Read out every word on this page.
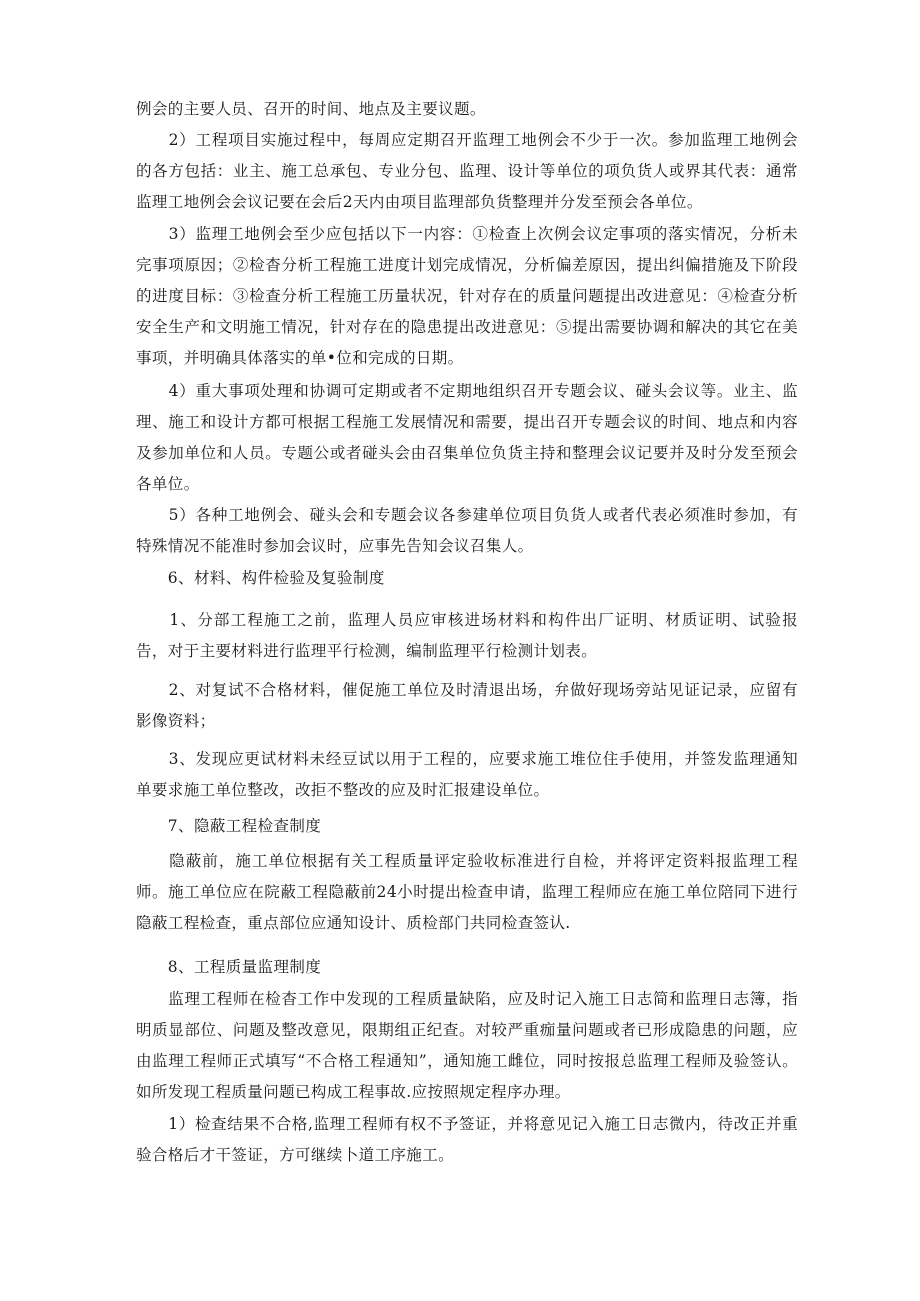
例会的主要人员、召开的时间、地点及主要议题。

　　2）工程项目实施过程中，每周应定期召开监理工地例会不少于一次。参加监理工地例会的各方包括：业主、施工总承包、专业分包、监理、设计等单位的项负货人或界其代表：通常监理工地例会会议记要在会后2天内由项目监理部负货整理并分发至预会各单位。

　　3）监理工地例会至少应包括以下一内容：①检查上次例会议定事项的落实情况，分析未完事项原因；②检杳分析工程施工进度计划完成情况，分析偏差原因，提出纠偏措施及下阶段的进度目标：③检查分析工程施工历量状况，针对存在的质量问题提出改进意见：④检查分析安全生产和文明施工情况，针对存在的隐患提出改进意见：⑤提出需要协调和解决的其它在美事项，并明确具体落实的单•位和完成的日期。

　　4）重大事项处理和协调可定期或者不定期地组织召开专题会议、碰头会议等。业主、监理、施工和设计方都可根据工程施工发展情况和需要，提出召开专题会议的时间、地点和内容及参加单位和人员。专题公或者碰头会由召集单位负货主持和整理会议记要并及时分发至预会各单位。

　　5）各种工地例会、碰头会和专题会议各参建单位项目负货人或者代表必须准时参加，有特殊情况不能准时参加会议时，应事先告知会议召集人。

　　6、材料、构件检验及复验制度

　　1、分部工程施工之前，监理人员应审核进场材料和构件出厂证明、材质证明、试验报告，对于主要材料进行监理平行检测，编制监理平行检测计划表。

　　2、对复试不合格材料，催促施工单位及时清退出场，弁做好现场旁站见证记录，应留有影像资料；

　　3、发现应更试材料未经豆试以用于工程的，应要求施工堆位住手使用，并签发监理通知单要求施工单位整改，改拒不整改的应及时汇报建设单位。

　　7、隐蔽工程检查制度

　　隐蔽前，施工单位根据有关工程质量评定验收标准进行自检，并将评定资料报监理工程师。施工单位应在院蔽工程隐蔽前24小时提出检查申请，监理工程师应在施工单位陪同下进行隐蔽工程检查，重点部位应通知设计、质检部门共同检查签认.

　　8、工程质量监理制度

　　监理工程师在检杳工作中发现的工程质量缺陷，应及时记入施工日志简和监理日志簿，指明质显部位、问题及整改意见，限期组正纪查。对较严重痂量问题或者已形成隐患的问题，应由监理工程师正式填写“不合格工程通知”，通知施工雌位，同时按报总监理工程师及验签认。如所发现工程质量问题已构成工程事故.应按照规定程序办理。

　　1）检查结果不合格,监理工程师有权不予签证，并将意见记入施工日志微内，待改正并重验合格后才干签证，方可继续卜道工序施工。
